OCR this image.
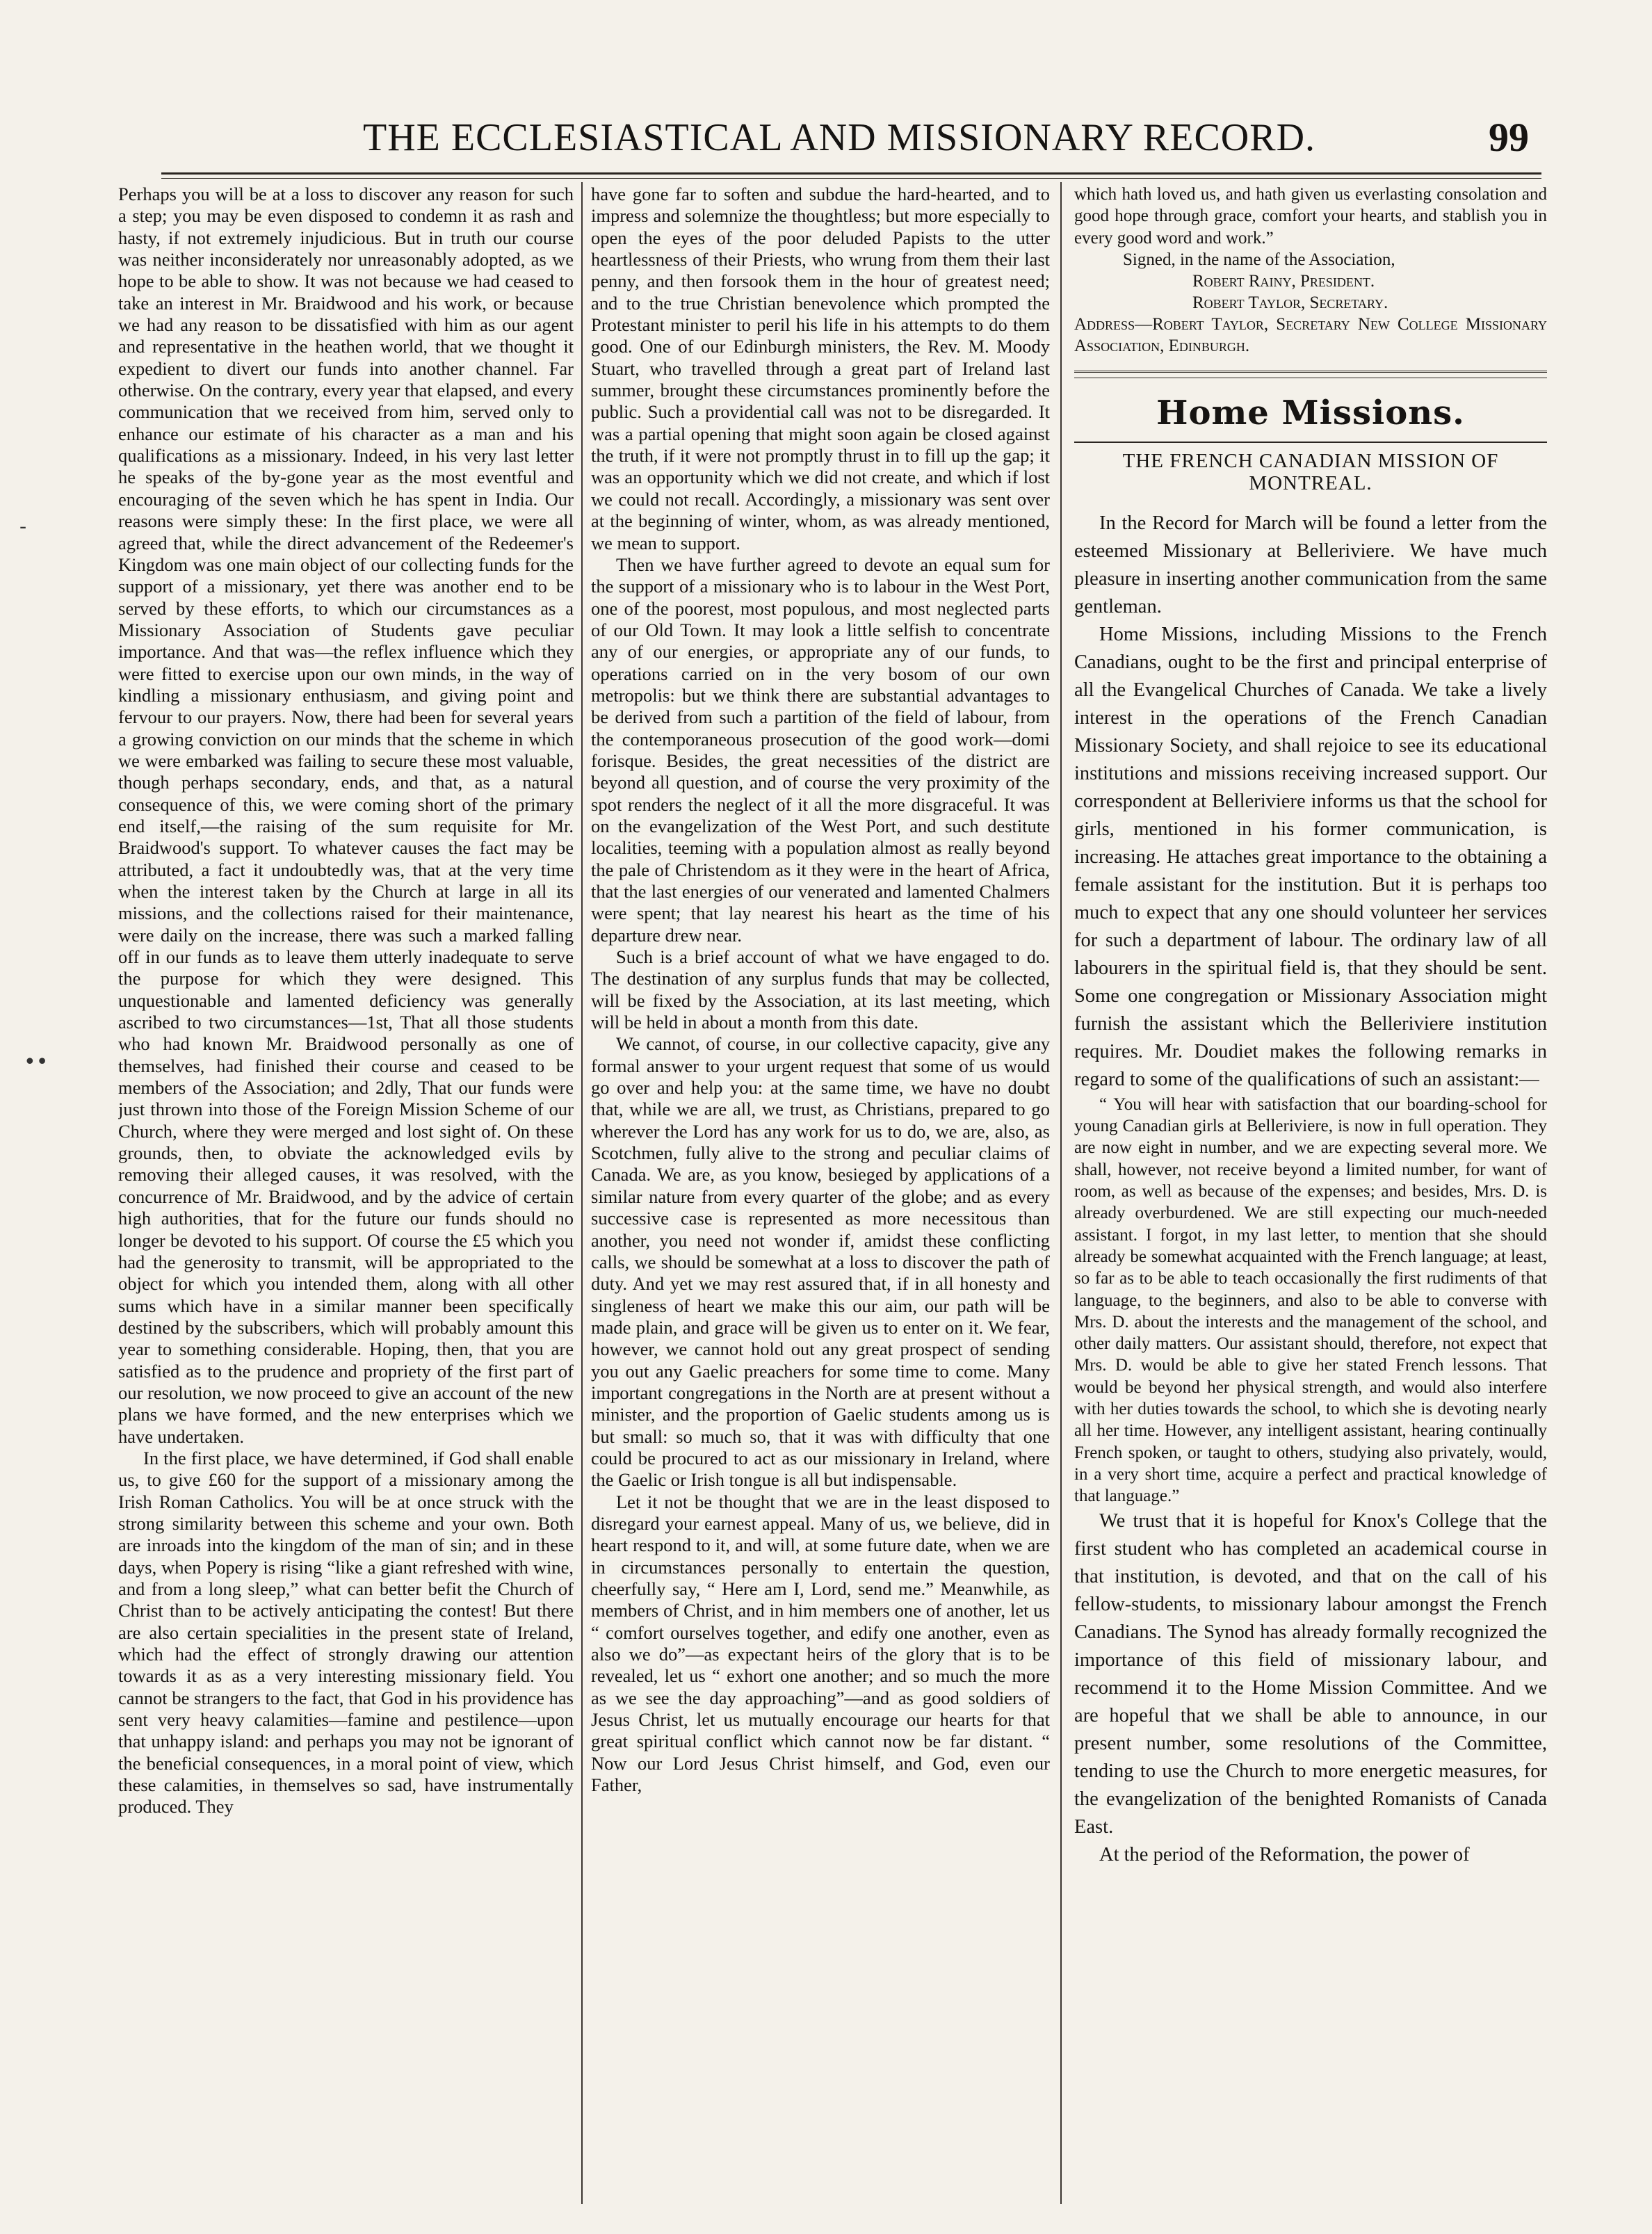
THE ECCLESIASTICAL AND MISSIONARY RECORD.	99
-
••

Perhaps you will be at a loss to discover any reason for such a step; you may be even disposed to condemn it as rash and hasty, if not extremely injudicious. But in truth our course was neither inconsiderately nor unreasonably adopted, as we hope to be able to show. It was not because we had ceased to take an interest in Mr. Braidwood and his work, or because we had any reason to be dissatisfied with him as our agent and representative in the heathen world, that we thought it expedient to divert our funds into another channel. Far otherwise. On the contrary, every year that elapsed, and every communication that we received from him, served only to enhance our estimate of his character as a man and his qualifications as a missionary. Indeed, in his very last letter he speaks of the by-gone year as the most eventful and encouraging of the seven which he has spent in India. Our reasons were simply these: In the first place, we were all agreed that, while the direct advancement of the Redeemer's Kingdom was one main object of our collecting funds for the support of a missionary, yet there was another end to be served by these efforts, to which our circumstances as a Missionary Association of Students gave peculiar importance. And that was—the reflex influence which they were fitted to exercise upon our own minds, in the way of kindling a missionary enthusiasm, and giving point and fervour to our prayers. Now, there had been for several years a growing conviction on our minds that the scheme in which we were embarked was failing to secure these most valuable, though perhaps secondary, ends, and that, as a natural consequence of this, we were coming short of the primary end itself,—the raising of the sum requisite for Mr. Braidwood's support. To whatever causes the fact may be attributed, a fact it undoubtedly was, that at the very time when the interest taken by the Church at large in all its missions, and the collections raised for their maintenance, were daily on the increase, there was such a marked falling off in our funds as to leave them utterly inadequate to serve the purpose for which they were designed. This unquestionable and lamented deficiency was generally ascribed to two circumstances—1st, That all those students who had known Mr. Braidwood personally as one of themselves, had finished their course and ceased to be members of the Association; and 2dly, That our funds were just thrown into those of the Foreign Mission Scheme of our Church, where they were merged and lost sight of. On these grounds, then, to obviate the acknowledged evils by removing their alleged causes, it was resolved, with the concurrence of Mr. Braidwood, and by the advice of certain high authorities, that for the future our funds should no longer be devoted to his support. Of course the £5 which you had the generosity to transmit, will be appropriated to the object for which you intended them, along with all other sums which have in a similar manner been specifically destined by the subscribers, which will probably amount this year to something considerable. Hoping, then, that you are satisfied as to the prudence and propriety of the first part of our resolution, we now proceed to give an account of the new plans we have formed, and the new enterprises which we have undertaken.

In the first place, we have determined, if God shall enable us, to give £60 for the support of a missionary among the Irish Roman Catholics. You will be at once struck with the strong similarity between this scheme and your own. Both are inroads into the kingdom of the man of sin; and in these days, when Popery is rising “like a giant refreshed with wine, and from a long sleep,” what can better befit the Church of Christ than to be actively anticipating the contest! But there are also certain specialities in the present state of Ireland, which had the effect of strongly drawing our attention towards it as as a very interesting missionary field. You cannot be strangers to the fact, that God in his providence has sent very heavy calamities—famine and pestilence—upon that unhappy island: and perhaps you may not be ignorant of the beneficial consequences, in a moral point of view, which these calamities, in themselves so sad, have instrumentally produced. They

have gone far to soften and subdue the hard-hearted, and to impress and solemnize the thoughtless; but more especially to open the eyes of the poor deluded Papists to the utter heartlessness of their Priests, who wrung from them their last penny, and then forsook them in the hour of greatest need; and to the true Christian benevolence which prompted the Protestant minister to peril his life in his attempts to do them good. One of our Edinburgh ministers, the Rev. M. Moody Stuart, who travelled through a great part of Ireland last summer, brought these circumstances prominently before the public. Such a providential call was not to be disregarded. It was a partial opening that might soon again be closed against the truth, if it were not promptly thrust in to fill up the gap; it was an opportunity which we did not create, and which if lost we could not recall. Accordingly, a missionary was sent over at the beginning of winter, whom, as was already mentioned, we mean to support.

Then we have further agreed to devote an equal sum for the support of a missionary who is to labour in the West Port, one of the poorest, most populous, and most neglected parts of our Old Town. It may look a little selfish to concentrate any of our energies, or appropriate any of our funds, to operations carried on in the very bosom of our own metropolis: but we think there are substantial advantages to be derived from such a partition of the field of labour, from the contemporaneous prosecution of the good work—domi forisque. Besides, the great necessities of the district are beyond all question, and of course the very proximity of the spot renders the neglect of it all the more disgraceful. It was on the evangelization of the West Port, and such destitute localities, teeming with a population almost as really beyond the pale of Christendom as it they were in the heart of Africa, that the last energies of our venerated and lamented Chalmers were spent; that lay nearest his heart as the time of his departure drew near.

Such is a brief account of what we have engaged to do. The destination of any surplus funds that may be collected, will be fixed by the Association, at its last meeting, which will be held in about a month from this date.

We cannot, of course, in our collective capacity, give any formal answer to your urgent request that some of us would go over and help you: at the same time, we have no doubt that, while we are all, we trust, as Christians, prepared to go wherever the Lord has any work for us to do, we are, also, as Scotchmen, fully alive to the strong and peculiar claims of Canada. We are, as you know, besieged by applications of a similar nature from every quarter of the globe; and as every successive case is represented as more necessitous than another, you need not wonder if, amidst these conflicting calls, we should be somewhat at a loss to discover the path of duty. And yet we may rest assured that, if in all honesty and singleness of heart we make this our aim, our path will be made plain, and grace will be given us to enter on it. We fear, however, we cannot hold out any great prospect of sending you out any Gaelic preachers for some time to come. Many important congregations in the North are at present without a minister, and the proportion of Gaelic students among us is but small: so much so, that it was with difficulty that one could be procured to act as our missionary in Ireland, where the Gaelic or Irish tongue is all but indispensable.

Let it not be thought that we are in the least disposed to disregard your earnest appeal. Many of us, we believe, did in heart respond to it, and will, at some future date, when we are in circumstances personally to entertain the question, cheerfully say, “ Here am I, Lord, send me.” Meanwhile, as members of Christ, and in him members one of another, let us “ comfort ourselves together, and edify one another, even as also we do”—as expectant heirs of the glory that is to be revealed, let us “ exhort one another; and so much the more as we see the day approaching”—and as good soldiers of Jesus Christ, let us mutually encourage our hearts for that great spiritual conflict which cannot now be far distant. “ Now our Lord Jesus Christ himself, and God, even our Father,

which hath loved us, and hath given us everlasting consolation and good hope through grace, comfort your hearts, and stablish you in every good word and work.”

Signed, in the name of the Association,

Robert Rainy, President.

Robert Taylor, Secretary.

Address—Robert Taylor, Secretary New College Missionary Association, Edinburgh.

Home Missions.
THE FRENCH CANADIAN MISSION OF MONTREAL.

In the Record for March will be found a letter from the esteemed Missionary at Belleriviere. We have much pleasure in inserting another communication from the same gentleman.

Home Missions, including Missions to the French Canadians, ought to be the first and principal enterprise of all the Evangelical Churches of Canada. We take a lively interest in the operations of the French Canadian Missionary Society, and shall rejoice to see its educational institutions and missions receiving increased support. Our correspondent at Belleriviere informs us that the school for girls, mentioned in his former communication, is increasing. He attaches great importance to the obtaining a female assistant for the institution. But it is perhaps too much to expect that any one should volunteer her services for such a department of labour. The ordinary law of all labourers in the spiritual field is, that they should be sent. Some one congregation or Missionary Association might furnish the assistant which the Belleriviere institution requires. Mr. Doudiet makes the following remarks in regard to some of the qualifications of such an assistant:—

“ You will hear with satisfaction that our boarding-school for young Canadian girls at Belleriviere, is now in full operation. They are now eight in number, and we are expecting several more. We shall, however, not receive beyond a limited number, for want of room, as well as because of the expenses; and besides, Mrs. D. is already overburdened. We are still expecting our much-needed assistant. I forgot, in my last letter, to mention that she should already be somewhat acquainted with the French language; at least, so far as to be able to teach occasionally the first rudiments of that language, to the beginners, and also to be able to converse with Mrs. D. about the interests and the management of the school, and other daily matters. Our assistant should, therefore, not expect that Mrs. D. would be able to give her stated French lessons. That would be beyond her physical strength, and would also interfere with her duties towards the school, to which she is devoting nearly all her time. However, any intelligent assistant, hearing continually French spoken, or taught to others, studying also privately, would, in a very short time, acquire a perfect and practical knowledge of that language.”

We trust that it is hopeful for Knox's College that the first student who has completed an academical course in that institution, is devoted, and that on the call of his fellow-students, to missionary labour amongst the French Canadians. The Synod has already formally recognized the importance of this field of missionary labour, and recommend it to the Home Mission Committee. And we are hopeful that we shall be able to announce, in our present number, some resolutions of the Committee, tending to use the Church to more energetic measures, for the evangelization of the benighted Romanists of Canada East.

At the period of the Reformation, the power of
